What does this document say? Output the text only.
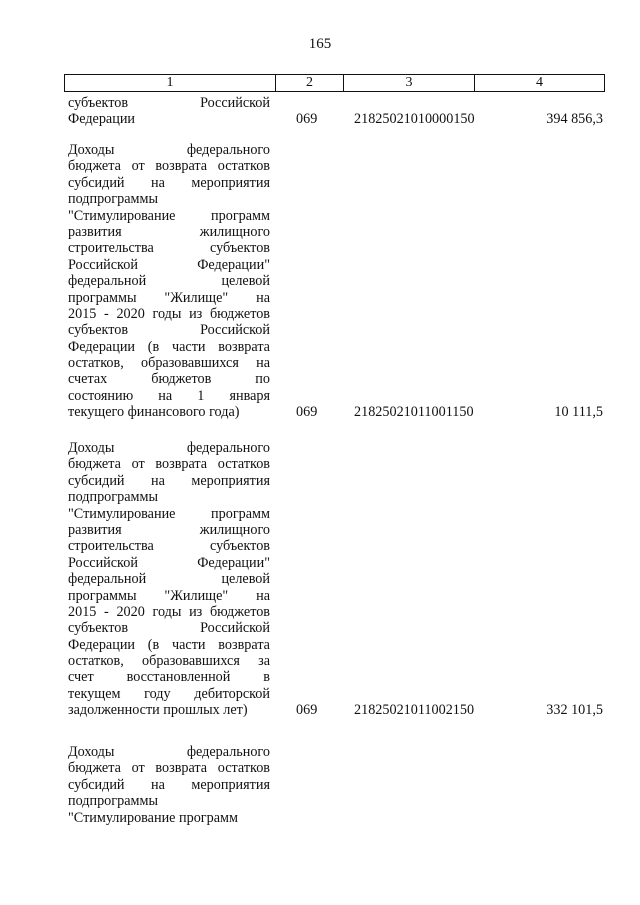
165
1	2	3	4
субъектов Российской
Федерации	069	21825021010000150	394 856,3
Доходы федерального
бюджета от возврата остатков
субсидий на мероприятия
подпрограммы
"Стимулирование программ
развития жилищного
строительства субъектов
Российской Федерации"
федеральной целевой
программы "Жилище" на
2015 - 2020 годы из бюджетов
субъектов Российской
Федерации (в части возврата
остатков, образовавшихся на
счетах бюджетов по
состоянию на 1 января
текущего финансового года)	069	21825021011001150	10 111,5
Доходы федерального
бюджета от возврата остатков
субсидий на мероприятия
подпрограммы
"Стимулирование программ
развития жилищного
строительства субъектов
Российской Федерации"
федеральной целевой
программы "Жилище" на
2015 - 2020 годы из бюджетов
субъектов Российской
Федерации (в части возврата
остатков, образовавшихся за
счет восстановленной в
текущем году дебиторской
задолженности прошлых лет)	069	21825021011002150	332 101,5
Доходы федерального
бюджета от возврата остатков
субсидий на мероприятия
подпрограммы
"Стимулирование программ
